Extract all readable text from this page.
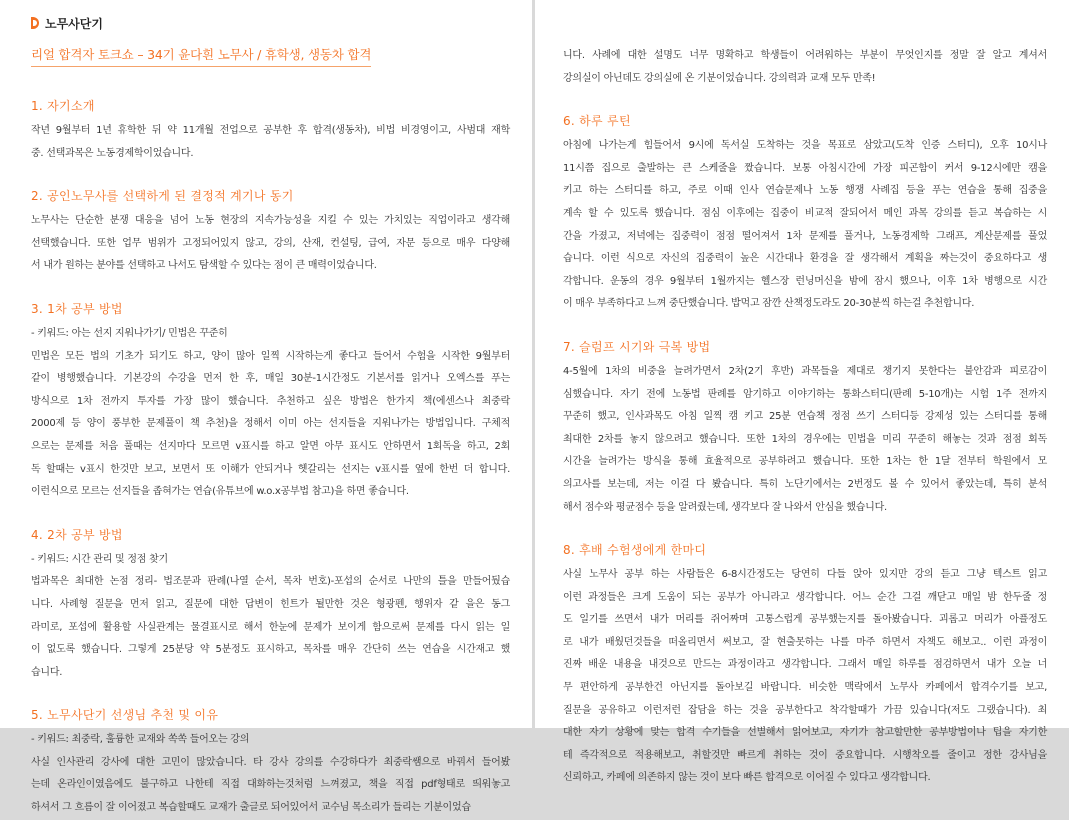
노무사단기
리얼 합격자 토크쇼 – 34기 윤다흰 노무사 / 휴학생, 생동차 합격
1. 자기소개
작년 9월부터 1년 휴학한 뒤 약 11개월 전업으로 공부한 후 합격(생동차), 비법 비경영이고, 사범대 재학
중. 선택과목은 노동경제학이었습니다.
2. 공인노무사를 선택하게 된 결정적 계기나 동기
노무사는 단순한 분쟁 대응을 넘어 노동 현장의 지속가능성을 지킬 수 있는 가치있는 직업이라고 생각해
선택했습니다. 또한 업무 범위가 고정되어있지 않고, 강의, 산재, 컨설팅, 급여, 자문 등으로 매우 다양해
서 내가 원하는 분야를 선택하고 나서도 탐색할 수 있다는 점이 큰 매력이었습니다.
3. 1차 공부 방법
- 키워드: 아는 선지 지워나가기/ 민법은 꾸준히
민법은 모든 법의 기초가 되기도 하고, 양이 많아 일찍 시작하는게 좋다고 들어서 수험을 시작한 9월부터
같이 병행했습니다. 기본강의 수강을 먼저 한 후, 매일 30분-1시간정도 기본서를 읽거나 오엑스를 푸는
방식으로 1차 전까지 투자를 가장 많이 했습니다. 추천하고 싶은 방법은 한가지 책(에센스나 최중락
2000제 등 양이 풍부한 문제풀이 책 추천)을 정해서 이미 아는 선지들을 지워나가는 방법입니다. 구체적
으로는 문제를 처음 풀때는 선지마다 모르면 v표시를 하고 알면 아무 표시도 안하면서 1회독을 하고, 2회
독 할때는 v표시 한것만 보고, 보면서 또 이해가 안되거나 헷갈리는 선지는 v표시를 옆에 한번 더 합니다.
이런식으로 모르는 선지들을 좁혀가는 연습(유튜브에 w.o.x공부법 참고)을 하면 좋습니다.
4. 2차 공부 방법
- 키워드: 시간 관리 및 정점 찾기
법과목은 최대한 논점 정리- 법조문과 판례(나열 순서, 목차 번호)-포섭의 순서로 나만의 틀을 만들어뒀습
니다. 사례형 질문을 먼저 읽고, 질문에 대한 답변이 힌트가 될만한 것은 형광펜, 행위자 같 을은 동그
라미로, 포섭에 활용할 사실관계는 물결표시로 해서 한눈에 문제가 보이게 함으로써 문제를 다시 읽는 일
이 없도록 했습니다. 그렇게 25분당 약 5분정도 표시하고, 목차를 매우 간단히 쓰는 연습을 시간재고 했
습니다.
5. 노무사단기 선생님 추천 및 이유
- 키워드: 최중락, 훌륭한 교재와 쏙쏙 들어오는 강의
사실 인사관리 강사에 대한 고민이 많았습니다. 타 강사 강의를 수강하다가 최중락쌤으로 바꿔서 들어봤
는데 온라인이였음에도 불구하고 나한테 직접 대화하는것처럼 느껴졌고, 책을 직접 pdf형태로 띄워놓고
하셔서 그 흐름이 잘 이어졌고 복습할때도 교재가 출글로 되어있어서 교수님 목소리가 들리는 기분이었습
니다. 사례에 대한 설명도 너무 명확하고 학생들이 어려워하는 부분이 무엇인지를 정말 잘 알고 계셔서
강의실이 아닌데도 강의실에 온 기분이었습니다. 강의력과 교재 모두 만족!
6. 하루 루틴
아침에 나가는게 힘들어서 9시에 독서실 도착하는 것을 목표로 삼았고(도착 인증 스터디), 오후 10시나
11시쯤 집으로 출발하는 큰 스케줄을 짰습니다. 보통 아침시간에 가장 피곤함이 커서 9-12시에만 캠을
키고 하는 스터디를 하고, 주로 이때 인사 연습문제나 노동 행쟁 사례집 등을 푸는 연습을 통해 집중을
계속 할 수 있도록 했습니다. 점심 이후에는 집중이 비교적 잘되어서 메인 과목 강의를 듣고 복습하는 시
간을 가졌고, 저녁에는 집중력이 점점 떨어져서 1차 문제를 풀거나, 노동경제학 그래프, 계산문제를 풀었
습니다. 이런 식으로 자신의 집중력이 높은 시간대나 환경을 잘 생각해서 계획을 짜는것이 중요하다고 생
각합니다. 운동의 경우 9월부터 1월까지는 헬스장 런닝머신을 밤에 잠시 했으나, 이후 1차 병행으로 시간
이 매우 부족하다고 느껴 중단했습니다. 밥먹고 잠깐 산책정도라도 20-30분씩 하는걸 추천합니다.
7. 슬럼프 시기와 극복 방법
4-5월에 1차의 비중을 늘려가면서 2차(2기 후반) 과목들을 제대로 챙기지 못한다는 불안감과 피로감이
심했습니다. 자기 전에 노동법 판례를 암기하고 이야기하는 통화스터디(판례 5-10개)는 시험 1주 전까지
꾸준히 했고, 인사과목도 아침 일찍 캠 키고 25분 연습책 정점 쓰기 스터디등 강제성 있는 스터디를 통해
최대한 2차를 놓지 않으려고 했습니다. 또한 1차의 경우에는 민법을 미리 꾸준히 해놓는 것과 점점 회독
시간을 늘려가는 방식을 통해 효율적으로 공부하려고 했습니다. 또한 1차는 한 1달 전부터 학원에서 모
의고사를 보는데, 저는 이걸 다 봤습니다. 특히 노단기에서는 2번정도 볼 수 있어서 좋았는데, 특히 분석
해서 점수와 평균점수 등을 알려줬는데, 생각보다 잘 나와서 안심을 했습니다.
8. 후배 수험생에게 한마디
사실 노무사 공부 하는 사람들은 6-8시간정도는 당연히 다들 앉아 있지만 강의 듣고 그냥 텍스트 읽고
이런 과정들은 크게 도움이 되는 공부가 아니라고 생각합니다. 어느 순간 그걸 깨닫고 매일 밤 한두줄 정
도 일기를 쓰면서 내가 머리를 쥐어짜며 고통스럽게 공부했는지를 돌아봤습니다. 괴롭고 머리가 아플정도
로 내가 배웠던것들을 떠올리면서 써보고, 잘 현출못하는 나를 마주 하면서 자책도 해보고.. 이런 과정이
진짜 배운 내용을 내것으로 만드는 과정이라고 생각합니다. 그래서 매일 하루를 점검하면서 내가 오늘 너
무 편안하게 공부한건 아닌지를 돌아보길 바랍니다. 비슷한 맥락에서 노무사 카페에서 합격수기를 보고,
질문을 공유하고 이런저런 잡담을 하는 것을 공부한다고 착각할때가 가끔 있습니다(저도 그랬습니다). 최
대한 자기 상황에 맞는 합격 수기들을 선별해서 읽어보고, 자기가 참고할만한 공부방법이나 팁을 자기한
테 즉각적으로 적용해보고, 취할것만 빠르게 취하는 것이 중요합니다. 시행착오를 줄이고 정한 강사님을
신뢰하고, 카페에 의존하지 않는 것이 보다 빠른 합격으로 이어질 수 있다고 생각합니다.
